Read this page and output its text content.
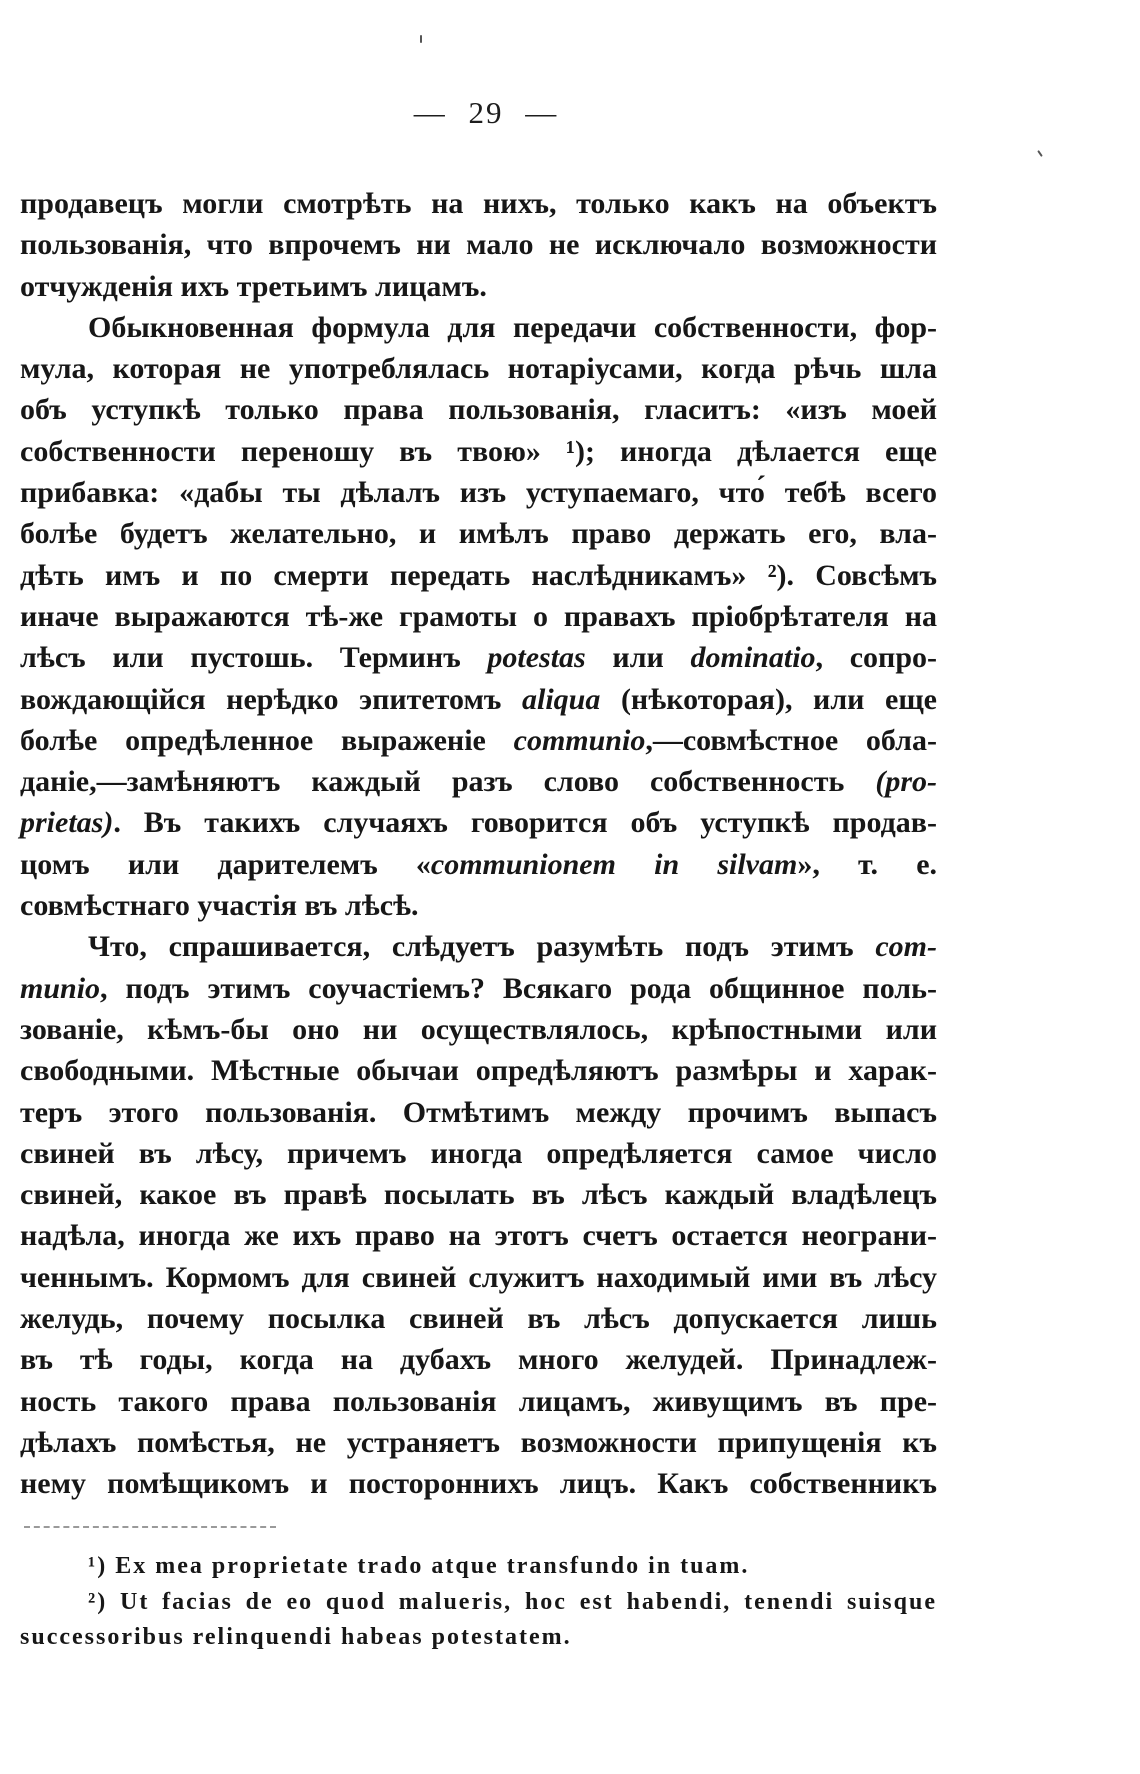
— 29 —
продавецъ могли смотрѣть на нихъ, только какъ на объектъ
пользованія, что впрочемъ ни мало не исключало возможности
отчужденія ихъ третьимъ лицамъ.
Обыкновенная формула для передачи собственности, фор-
мула, которая не употреблялась нотаріусами, когда рѣчь шла
объ уступкѣ только права пользованія, гласитъ: «изъ моей
собственности переношу въ твою» ¹); иногда дѣлается еще
прибавка: «дабы ты дѣлалъ изъ уступаемаго, что́ тебѣ всего
болѣе будетъ желательно, и имѣлъ право держать его, вла-
дѣть имъ и по смерти передать наслѣдникамъ» ²). Совсѣмъ
иначе выражаются тѣ-же грамоты о правахъ пріобрѣтателя на
лѣсъ или пустошь. Терминъ potestas или dominatio, сопро-
вождающійся нерѣдко эпитетомъ aliqua (нѣкоторая), или еще
болѣе опредѣленное выраженіе communio,—совмѣстное обла-
даніе,—замѣняютъ каждый разъ слово собственность (pro-
prietas). Въ такихъ случаяхъ говорится объ уступкѣ продав-
цомъ или дарителемъ «communionem in silvam», т. е.
совмѣстнаго участія въ лѣсѣ.
Что, спрашивается, слѣдуетъ разумѣть подъ этимъ com-
munio, подъ этимъ соучастіемъ? Всякаго рода общинное поль-
зованіе, кѣмъ-бы оно ни осуществлялось, крѣпостными или
свободными. Мѣстные обычаи опредѣляютъ размѣры и харак-
теръ этого пользованія. Отмѣтимъ между прочимъ выпасъ
свиней въ лѣсу, причемъ иногда опредѣляется самое число
свиней, какое въ правѣ посылать въ лѣсъ каждый владѣлецъ
надѣла, иногда же ихъ право на этотъ счетъ остается неограни-
ченнымъ. Кормомъ для свиней служитъ находимый ими въ лѣсу
желудь, почему посылка свиней въ лѣсъ допускается лишь
въ тѣ годы, когда на дубахъ много желудей. Принадлеж-
ность такого права пользованія лицамъ, живущимъ въ пре-
дѣлахъ помѣстья, не устраняетъ возможности припущенія къ
нему помѣщикомъ и постороннихъ лицъ. Какъ собственникъ
¹) Ex mea proprietate trado atque transfundo in tuam.
²) Ut facias de eo quod malueris, hoc est habendi, tenendi suisque
successoribus relinquendi habeas potestatem.
